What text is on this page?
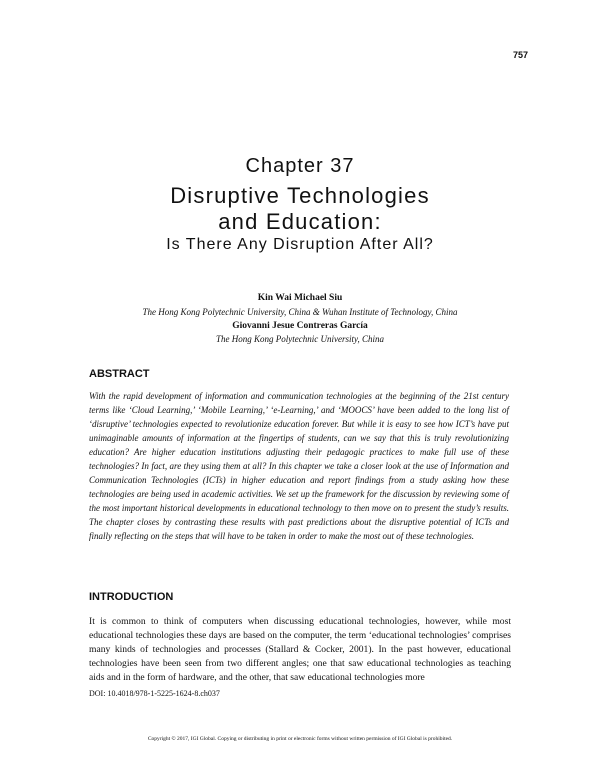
757
Chapter 37
Disruptive Technologies
and Education:
Is There Any Disruption After All?
Kin Wai Michael Siu
The Hong Kong Polytechnic University, China & Wuhan Institute of Technology, China
Giovanni Jesue Contreras García
The Hong Kong Polytechnic University, China
ABSTRACT
With the rapid development of information and communication technologies at the beginning of the 21st century terms like ‘Cloud Learning,’ ‘Mobile Learning,’ ‘e-Learning,’ and ‘MOOCS’ have been added to the long list of ‘disruptive’ technologies expected to revolutionize education forever. But while it is easy to see how ICT’s have put unimaginable amounts of information at the fingertips of students, can we say that this is truly revolutionizing education? Are higher education institutions adjusting their pedagogic practices to make full use of these technologies? In fact, are they using them at all? In this chapter we take a closer look at the use of Information and Communication Technologies (ICTs) in higher education and report findings from a study asking how these technologies are being used in academic activities. We set up the framework for the discussion by reviewing some of the most important historical developments in educational technology to then move on to present the study’s results. The chapter closes by contrasting these results with past predictions about the disruptive potential of ICTs and finally reflecting on the steps that will have to be taken in order to make the most out of these technologies.
INTRODUCTION
It is common to think of computers when discussing educational technologies, however, while most educational technologies these days are based on the computer, the term ‘educational technologies’ comprises many kinds of technologies and processes (Stallard & Cocker, 2001). In the past however, educational technologies have been seen from two different angles; one that saw educational technologies as teaching aids and in the form of hardware, and the other, that saw educational technologies more
DOI: 10.4018/978-1-5225-1624-8.ch037
Copyright © 2017, IGI Global. Copying or distributing in print or electronic forms without written permission of IGI Global is prohibited.
